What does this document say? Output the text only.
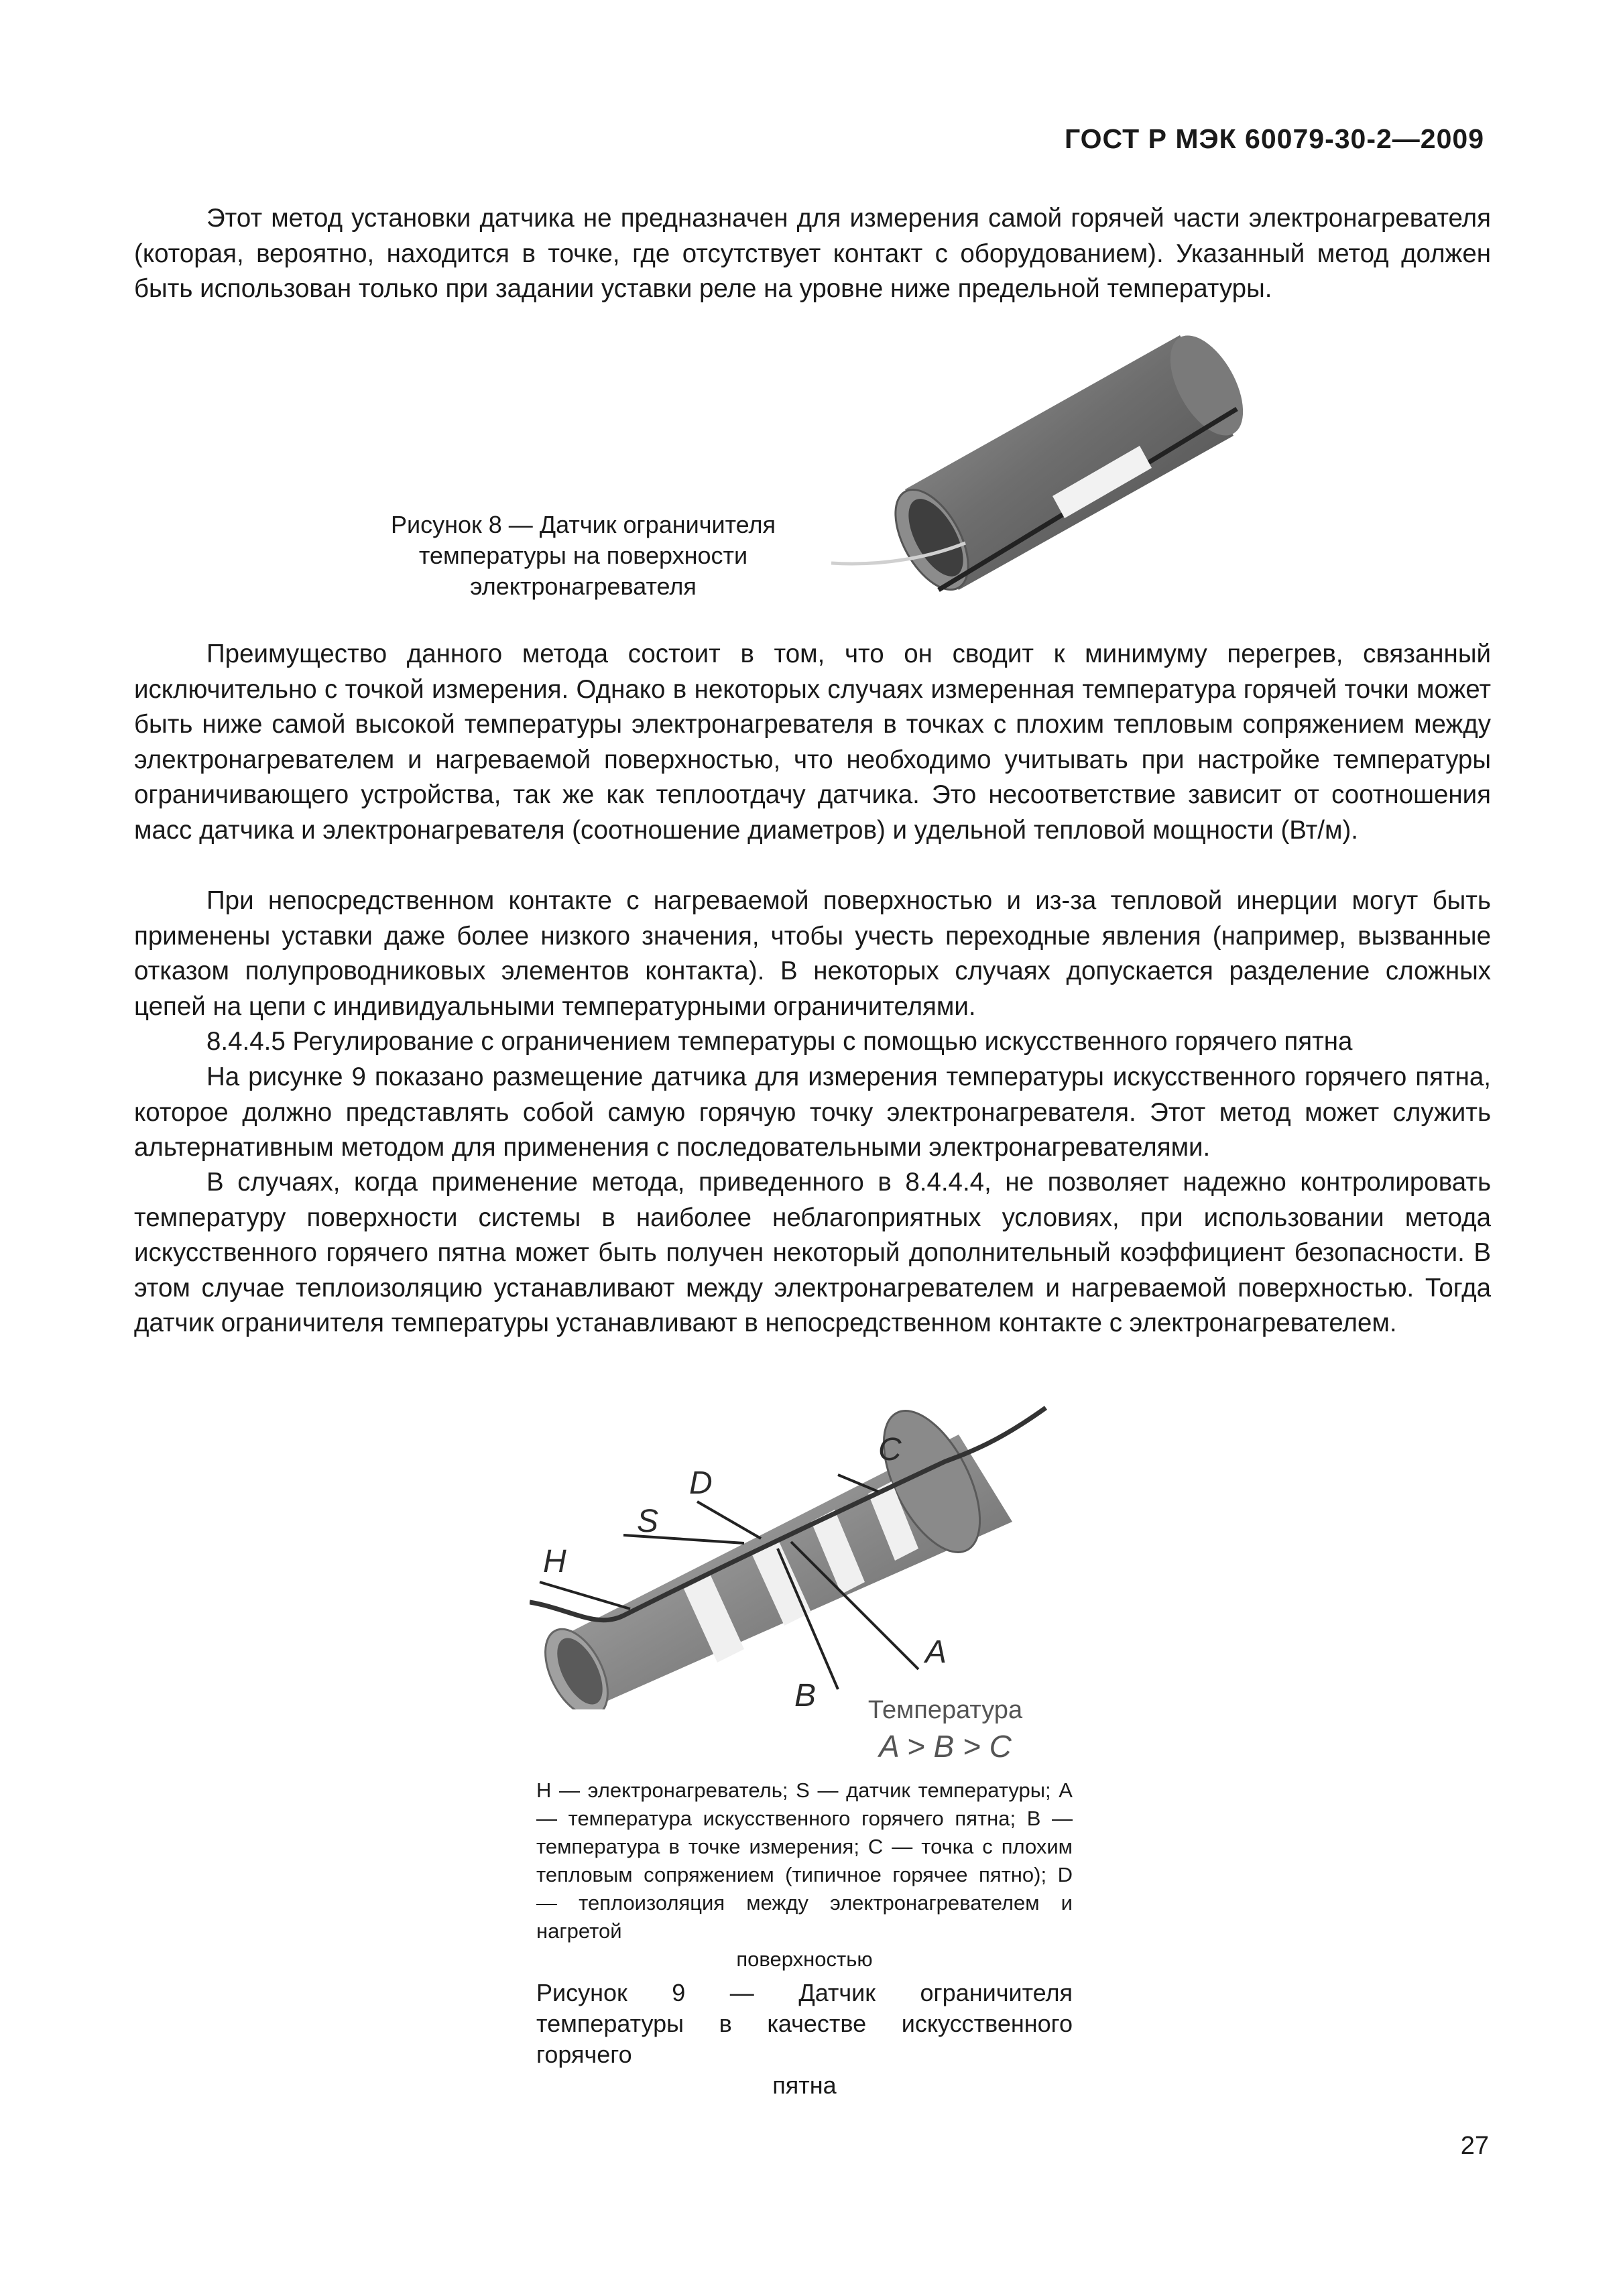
ГОСТ Р МЭК 60079-30-2—2009

Этот метод установки датчика не предназначен для измерения самой горячей части электронагревателя (которая, вероятно, находится в точке, где отсутствует контакт с оборудованием). Указанный метод должен быть использован только при задании уставки реле на уровне ниже предельной температуры.

Рисунок 8 — Датчик ограничителя температуры на поверхности электронагревателя

Преимущество данного метода состоит в том, что он сводит к минимуму перегрев, связанный исключительно с точкой измерения. Однако в некоторых случаях измеренная температура горячей точки может быть ниже самой высокой температуры электронагревателя в точках с плохим тепловым сопряжением между электронагревателем и нагреваемой поверхностью, что необходимо учитывать при настройке температуры ограничивающего устройства, так же как теплоотдачу датчика. Это несоответствие зависит от соотношения масс датчика и электронагревателя (соотношение диаметров) и удельной тепловой мощности (Вт/м).

При непосредственном контакте с нагреваемой поверхностью и из-за тепловой инерции могут быть применены уставки даже более низкого значения, чтобы учесть переходные явления (например, вызванные отказом полупроводниковых элементов контакта). В некоторых случаях допускается разделение сложных цепей на цепи с индивидуальными температурными ограничителями.

8.4.4.5 Регулирование с ограничением температуры с помощью искусственного горячего пятна

На рисунке 9 показано размещение датчика для измерения температуры искусственного горячего пятна, которое должно представлять собой самую горячую точку электронагревателя. Этот метод может служить альтернативным методом для применения с последовательными электронагревателями.

В случаях, когда применение метода, приведенного в 8.4.4.4, не позволяет надежно контролировать температуру поверхности системы в наиболее неблагоприятных условиях, при использовании метода искусственного горячего пятна может быть получен некоторый дополнительный коэффициент безопасности. В этом случае теплоизоляцию устанавливают между электронагревателем и нагреваемой поверхностью. Тогда датчик ограничителя температуры устанавливают в непосредственном контакте с электронагревателем.

C
D
S
H
A
B	Температура
A > B > C
H — электронагреватель; S — датчик температуры; A — температура искусственного горячего пятна; B — температура в точке измерения; C — точка с плохим тепловым сопряжением (типичное горячее пятно); D — теплоизоляция между электронагревателем и нагретой
поверхностью
Рисунок 9 — Датчик ограничителя температуры в качестве искусственного горячего
пятна
27
